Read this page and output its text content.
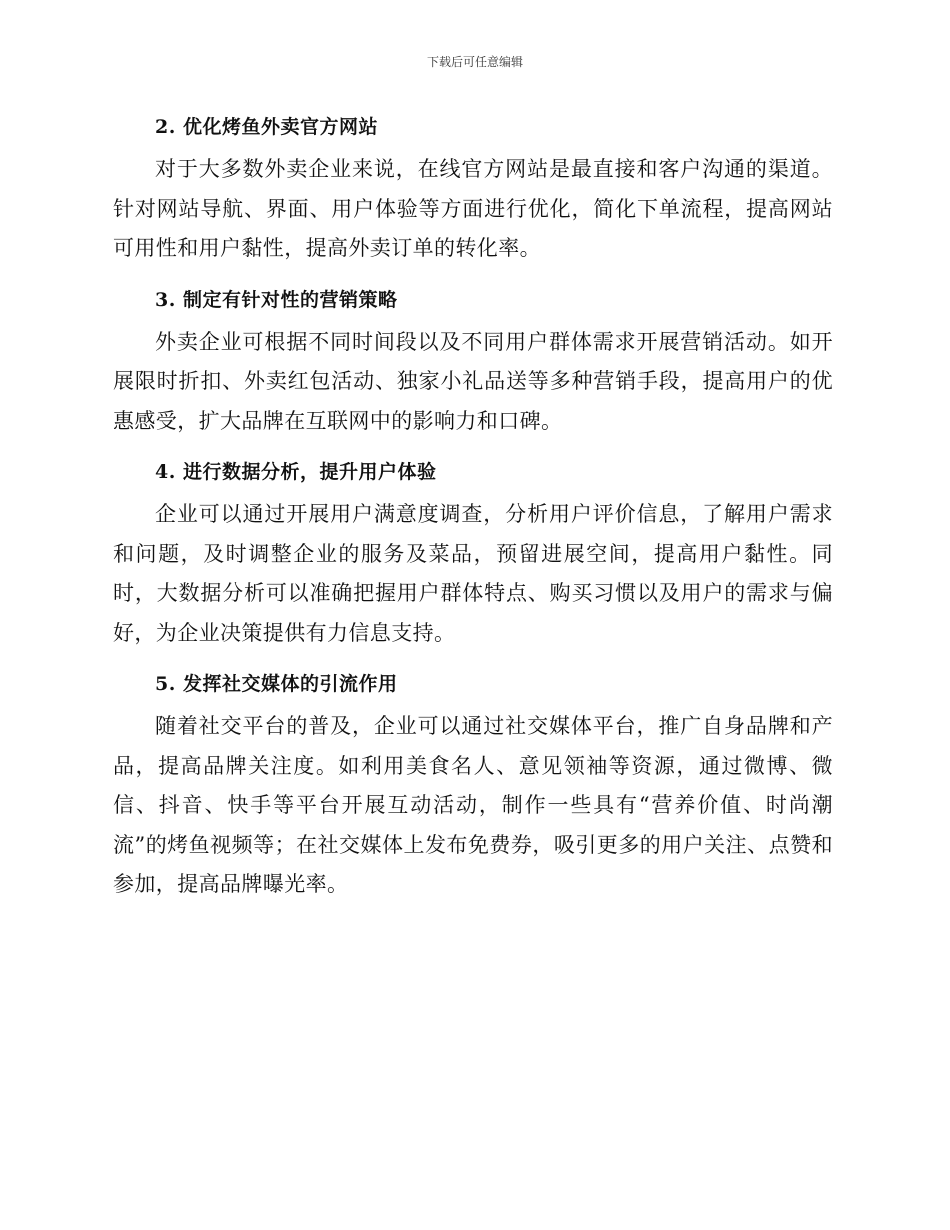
下载后可任意编辑
2. 优化烤鱼外卖官方网站

对于大多数外卖企业来说，在线官方网站是最直接和客户沟通的渠道。针对网站导航、界面、用户体验等方面进行优化，简化下单流程，提高网站可用性和用户黏性，提高外卖订单的转化率。

3. 制定有针对性的营销策略

外卖企业可根据不同时间段以及不同用户群体需求开展营销活动。如开展限时折扣、外卖红包活动、独家小礼品送等多种营销手段，提高用户的优惠感受，扩大品牌在互联网中的影响力和口碑。

4. 进行数据分析，提升用户体验

企业可以通过开展用户满意度调查，分析用户评价信息，了解用户需求和问题，及时调整企业的服务及菜品，预留进展空间，提高用户黏性。同时，大数据分析可以准确把握用户群体特点、购买习惯以及用户的需求与偏好，为企业决策提供有力信息支持。

5. 发挥社交媒体的引流作用

随着社交平台的普及，企业可以通过社交媒体平台，推广自身品牌和产品，提高品牌关注度。如利用美食名人、意见领袖等资源，通过微博、微信、抖音、快手等平台开展互动活动，制作一些具有“营养价值、时尚潮流”的烤鱼视频等；在社交媒体上发布免费券，吸引更多的用户关注、点赞和参加，提高品牌曝光率。
